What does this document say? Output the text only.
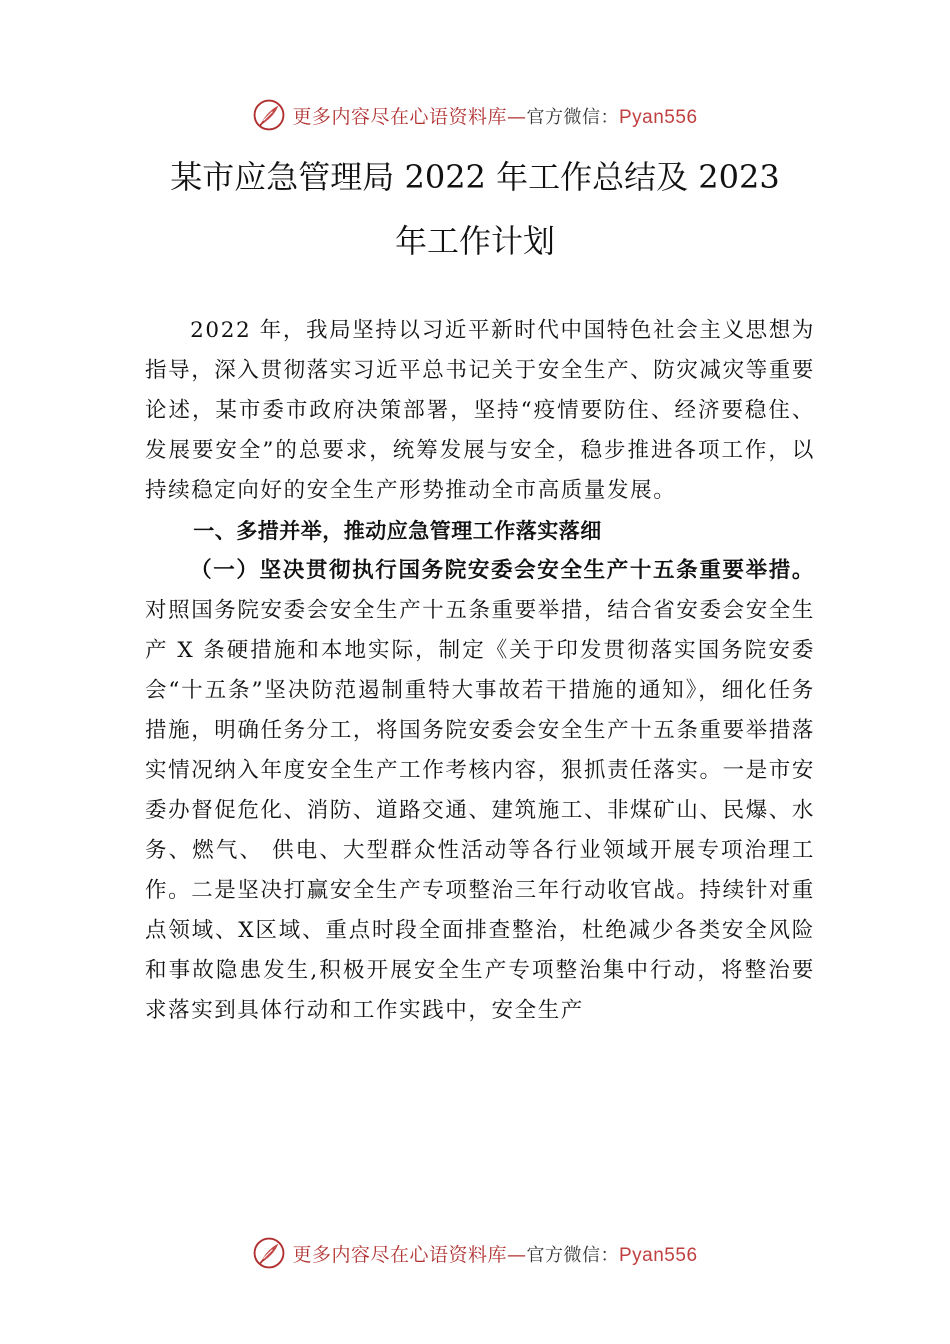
更多内容尽在心语资料库—官方微信：Pyan556
某市应急管理局 2022 年工作总结及 2023
年工作计划

2022 年，我局坚持以习近平新时代中国特色社会主义思想为指导，深入贯彻落实习近平总书记关于安全生产、防灾减灾等重要论述，某市委市政府决策部署，坚持“疫情要防住、经济要稳住、发展要安全”的总要求，统筹发展与安全，稳步推进各项工作，以持续稳定向好的安全生产形势推动全市高质量发展。

一、多措并举，推动应急管理工作落实落细

（一）坚决贯彻执行国务院安委会安全生产十五条重要举措。对照国务院安委会安全生产十五条重要举措，结合省安委会安全生产 X 条硬措施和本地实际，制定《关于印发贯彻落实国务院安委会“十五条”坚决防范遏制重特大事故若干措施的通知》，细化任务措施，明确任务分工，将国务院安委会安全生产十五条重要举措落实情况纳入年度安全生产工作考核内容，狠抓责任落实。一是市安委办督促危化、消防、道路交通、建筑施工、非煤矿山、民爆、水务、燃气、 供电、大型群众性活动等各行业领域开展专项治理工作。二是坚决打赢安全生产专项整治三年行动收官战。持续针对重点领域、X区域、重点时段全面排查整治，杜绝减少各类安全风险和事故隐患发生,积极开展安全生产专项整治集中行动，将整治要求落实到具体行动和工作实践中，安全生产

更多内容尽在心语资料库—官方微信：Pyan556
